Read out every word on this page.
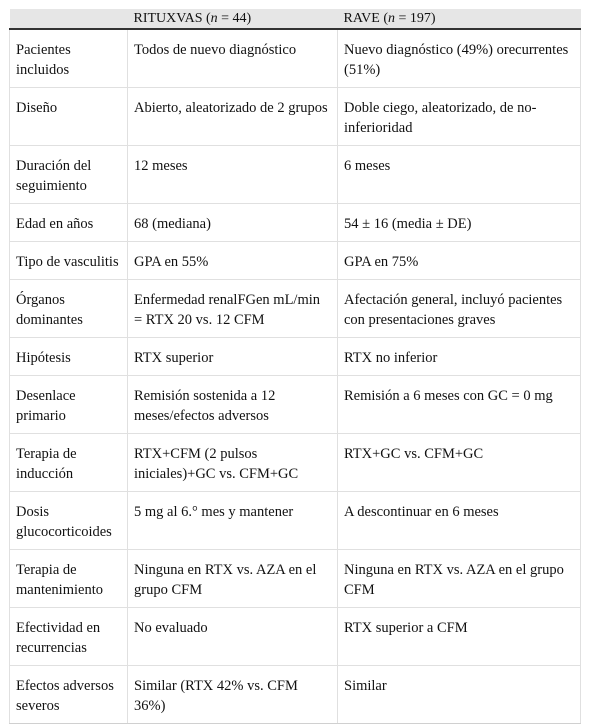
	RITUXVAS (n = 44)	RAVE (n = 197)
Pacientes incluidos	Todos de nuevo diagnóstico	Nuevo diagnóstico (49%) orecurrentes (51%)
Diseño	Abierto, aleatorizado de 2 grupos	Doble ciego, aleatorizado, de no-inferioridad
Duración del seguimiento	12 meses	6 meses
Edad en años	68 (mediana)	54 ± 16 (media ± DE)
Tipo de vasculitis	GPA en 55%	GPA en 75%
Órganos dominantes	Enfermedad renalFGen mL/min = RTX 20 vs. 12 CFM	Afectación general, incluyó pacientes con presentaciones graves
Hipótesis	RTX superior	RTX no inferior
Desenlace primario	Remisión sostenida a 12 meses/efectos adversos	Remisión a 6 meses con GC = 0 mg
Terapia de inducción	RTX+CFM (2 pulsos iniciales)+GC vs. CFM+GC	RTX+GC vs. CFM+GC
Dosis glucocorticoides	5 mg al 6.° mes y mantener	A descontinuar en 6 meses
Terapia de mantenimiento	Ninguna en RTX vs. AZA en el grupo CFM	Ninguna en RTX vs. AZA en el grupo CFM
Efectividad en recurrencias	No evaluado	RTX superior a CFM
Efectos adversos severos	Similar (RTX 42% vs. CFM 36%)	Similar
